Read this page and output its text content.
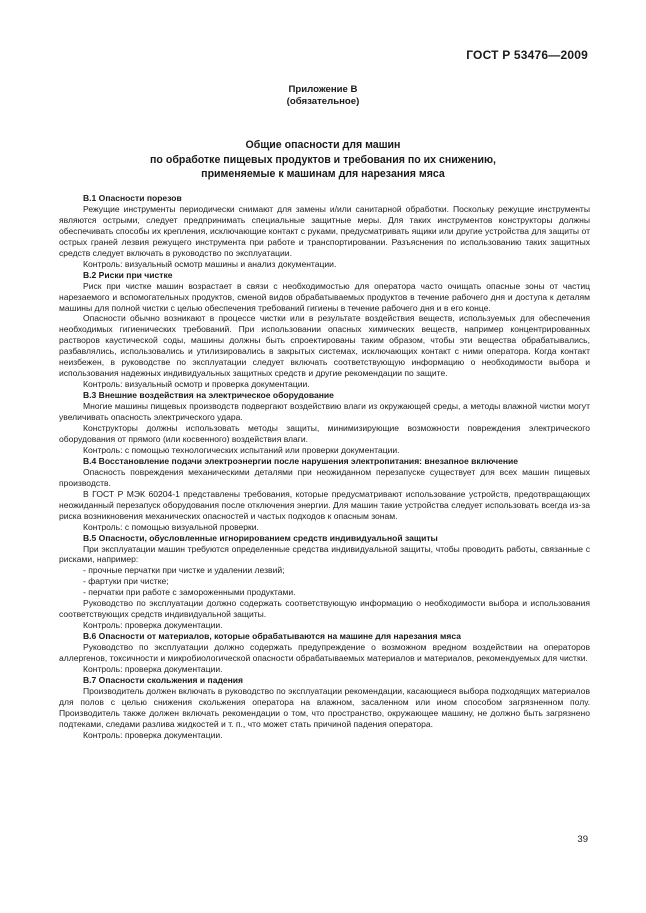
ГОСТ Р 53476—2009
Приложение В
(обязательное)
Общие опасности для машин
по обработке пищевых продуктов и требования по их снижению,
применяемые к машинам для нарезания мяса
В.1 Опасности порезов
Режущие инструменты периодически снимают для замены и/или санитарной обработки. Поскольку режущие инструменты являются острыми, следует предпринимать специальные защитные меры. Для таких инструментов конструкторы должны обеспечивать способы их крепления, исключающие контакт с руками, предусматривать ящики или другие устройства для защиты от острых граней лезвия режущего инструмента при работе и транспортировании. Разъяснения по использованию таких защитных средств следует включать в руководство по эксплуатации.
Контроль: визуальный осмотр машины и анализ документации.
В.2 Риски при чистке
Риск при чистке машин возрастает в связи с необходимостью для оператора часто очищать опасные зоны от частиц нарезаемого и вспомогательных продуктов, сменой видов обрабатываемых продуктов в течение рабочего дня и доступа к деталям машины для полной чистки с целью обеспечения требований гигиены в течение рабочего дня и в его конце.
Опасности обычно возникают в процессе чистки или в результате воздействия веществ, используемых для обеспечения необходимых гигиенических требований. При использовании опасных химических веществ, например концентрированных растворов каустической соды, машины должны быть спроектированы таким образом, чтобы эти вещества обрабатывались, разбавлялись, использовались и утилизировались в закрытых системах, исключающих контакт с ними оператора. Когда контакт неизбежен, в руководстве по эксплуатации следует включать соответствующую информацию о необходимости выбора и использования надежных индивидуальных защитных средств и другие рекомендации по защите.
Контроль: визуальный осмотр и проверка документации.
В.3 Внешние воздействия на электрическое оборудование
Многие машины пищевых производств подвергают воздействию влаги из окружающей среды, а методы влажной чистки могут увеличивать опасность электрического удара.
Конструкторы должны использовать методы защиты, минимизирующие возможности повреждения электрического оборудования от прямого (или косвенного) воздействия влаги.
Контроль: с помощью технологических испытаний или проверки документации.
В.4 Восстановление подачи электроэнергии после нарушения электропитания: внезапное включение
Опасность повреждения механическими деталями при неожиданном перезапуске существует для всех машин пищевых производств.
В ГОСТ Р МЭК 60204-1 представлены требования, которые предусматривают использование устройств, предотвращающих неожиданный перезапуск оборудования после отключения энергии. Для машин такие устройства следует использовать всегда из-за риска возникновения механических опасностей и частых подходов к опасным зонам.
Контроль: с помощью визуальной проверки.
В.5 Опасности, обусловленные игнорированием средств индивидуальной защиты
При эксплуатации машин требуются определенные средства индивидуальной защиты, чтобы проводить работы, связанные с рисками, например:
- прочные перчатки при чистке и удалении лезвий;
- фартуки при чистке;
- перчатки при работе с замороженными продуктами.
Руководство по эксплуатации должно содержать соответствующую информацию о необходимости выбора и использования соответствующих средств индивидуальной защиты.
Контроль: проверка документации.
В.6 Опасности от материалов, которые обрабатываются на машине для нарезания мяса
Руководство по эксплуатации должно содержать предупреждение о возможном вредном воздействии на операторов аллергенов, токсичности и микробиологической опасности обрабатываемых материалов и материалов, рекомендуемых для чистки.
Контроль: проверка документации.
В.7 Опасности скольжения и падения
Производитель должен включать в руководство по эксплуатации рекомендации, касающиеся выбора подходящих материалов для полов с целью снижения скольжения оператора на влажном, засаленном или ином способом загрязненном полу. Производитель также должен включать рекомендации о том, что пространство, окружающее машину, не должно быть загрязнено подтеками, следами разлива жидкостей и т. п., что может стать причиной падения оператора.
Контроль: проверка документации.
39
